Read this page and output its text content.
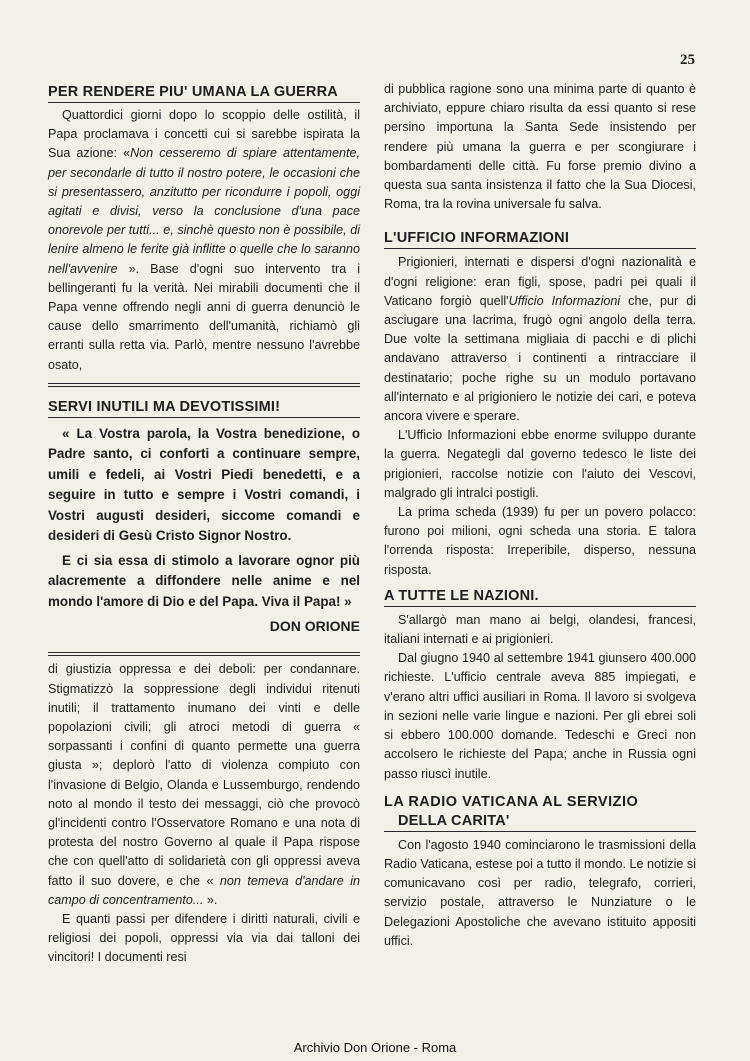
25
PER RENDERE PIU' UMANA LA GUERRA

Quattordici giorni dopo lo scoppio delle ostilità, il Papa proclamava i concetti cui si sarebbe ispirata la Sua azione: «Non cesseremo di spiare attentamente, per secondarle di tutto il nostro potere, le occasioni che si presentassero, anzitutto per ricondurre i popoli, oggi agitati e divisi, verso la conclusione d'una pace onorevole per tutti... e, sinchè questo non è possibile, di lenire almeno le ferite già inflitte o quelle che lo saranno nell'avvenire ». Base d'ogni suo intervento tra i bellingeranti fu la verità. Nei mirabili documenti che il Papa venne offrendo negli anni di guerra denunciò le cause dello smarrimento dell'umanità, richiamò gli erranti sulla retta via. Parlò, mentre nessuno l'avrebbe osato,

SERVI INUTILI MA DEVOTISSIMI!

« La Vostra parola, la Vostra benedizione, o Padre santo, ci conforti a continuare sempre, umili e fedeli, ai Vostri Piedi benedetti, e a seguire in tutto e sempre i Vostri comandi, i Vostri augusti desideri, siccome comandi e desideri di Gesù Cristo Signor Nostro.

E ci sia essa di stimolo a lavorare ognor più alacremente a diffondere nelle anime e nel mondo l'amore di Dio e del Papa. Viva il Papa! »

DON ORIONE

di giustizia oppressa e dei deboli: per condannare. Stigmatizzò la soppressione degli individui ritenuti inutili; il trattamento inumano dei vinti e delle popolazioni civili; gli atroci metodi di guerra « sorpassanti i confini di quanto permette una guerra giusta »; deplorò l'atto di violenza compiuto con l'invasione di Belgio, Olanda e Lussemburgo, rendendo noto al mondo il testo dei messaggi, ciò che provocò gl'incidenti contro l'Osservatore Romano e una nota di protesta del nostro Governo al quale il Papa rispose che con quell'atto di solidarietà con gli oppressi aveva fatto il suo dovere, e che « non temeva d'andare in campo di concentramento... ».

E quanti passi per difendere i diritti naturali, civili e religiosi dei popoli, oppressi via via dai talloni dei vincitori! I documenti resi

di pubblica ragione sono una minima parte di quanto è archiviato, eppure chiaro risulta da essi quanto si rese persino importuna la Santa Sede insistendo per rendere più umana la guerra e per scongiurare i bombardamenti delle città. Fu forse premio divino a questa sua santa insistenza il fatto che la Sua Diocesi, Roma, tra la rovina universale fu salva.

L'UFFICIO INFORMAZIONI

Prigionieri, internati e dispersi d'ogni nazionalità e d'ogni religione: eran figli, spose, padri pei quali il Vaticano forgiò quell'Ufficio Informazioni che, pur di asciugare una lacrima, frugò ogni angolo della terra. Due volte la settimana migliaia di pacchi e di plichi andavano attraverso i continenti a rintracciare il destinatario; poche righe su un modulo portavano all'internato e al prigioniero le notizie dei cari, e poteva ancora vivere e sperare.

L'Ufficio Informazioni ebbe enorme sviluppo durante la guerra. Negategli dal governo tedesco le liste dei prigionieri, raccolse notizie con l'aiuto dei Vescovi, malgrado gli intralci postigli.

La prima scheda (1939) fu per un povero polacco: furono poi milioni, ogni scheda una storia. E talora l'orrenda risposta: Irreperibile, disperso, nessuna risposta.

A TUTTE LE NAZIONI.

S'allargò man mano ai belgi, olandesi, francesi, italiani internati e ai prigionieri.

Dal giugno 1940 al settembre 1941 giunsero 400.000 richieste. L'ufficio centrale aveva 885 impiegati, e v'erano altri uffici ausiliari in Roma. Il lavoro si svolgeva in sezioni nelle varie lingue e nazioni. Per gli ebrei soli si ebbero 100.000 domande. Tedeschi e Greci non accolsero le richieste del Papa; anche in Russia ogni passo riuscì inutile.

LA RADIO VATICANA AL SERVIZIO
DELLA CARITA'

Con l'agosto 1940 cominciarono le trasmissioni della Radio Vaticana, estese poi a tutto il mondo. Le notizie si comunicavano così per radio, telegrafo, corrieri, servizio postale, attraverso le Nunziature o le Delegazioni Apostoliche che avevano istituito appositi uffici.

Archivio Don Orione - Roma
